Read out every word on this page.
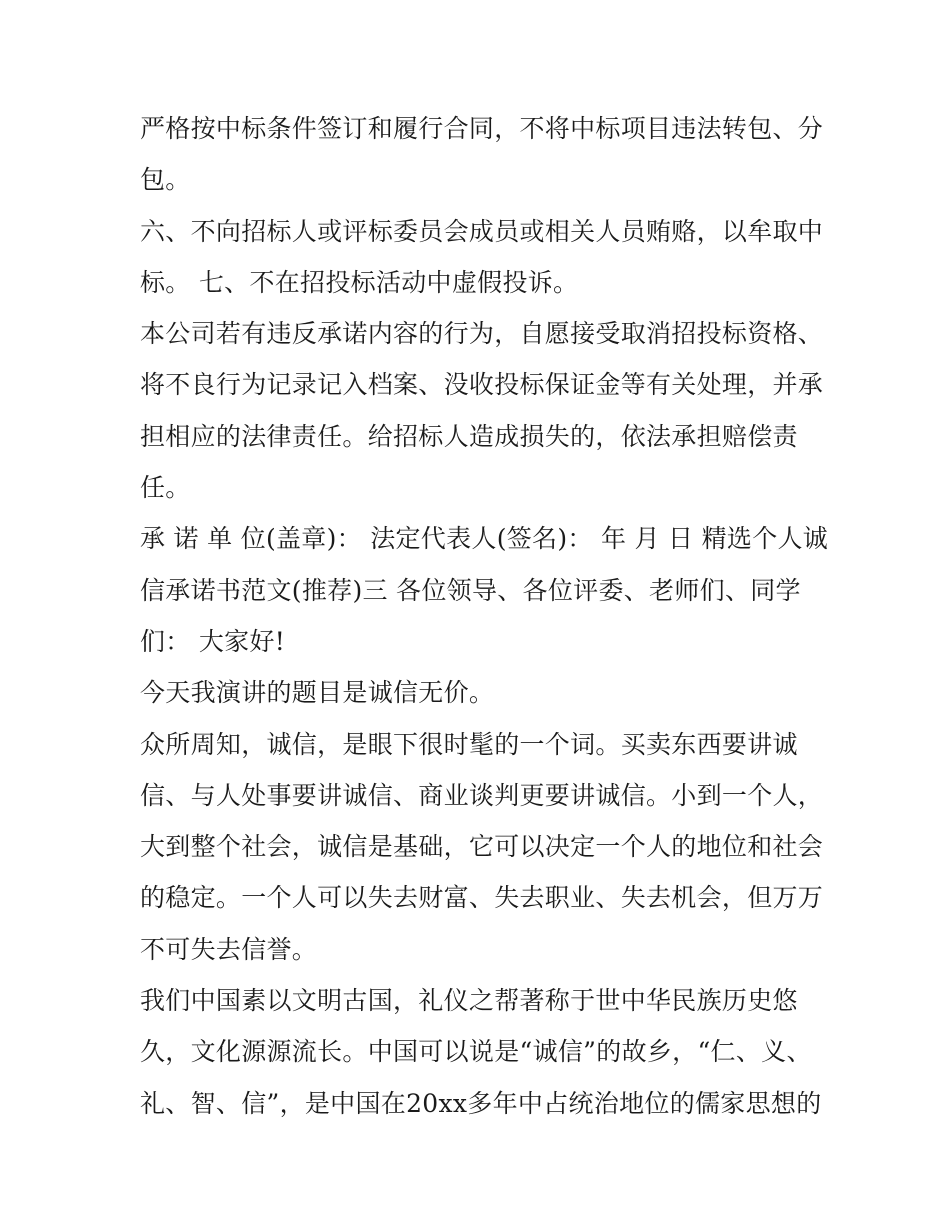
严格按中标条件签订和履行合同，不将中标项目违法转包、分
包。
六、不向招标人或评标委员会成员或相关人员贿赂，以牟取中
标。 七、不在招投标活动中虚假投诉。
本公司若有违反承诺内容的行为，自愿接受取消招投标资格、
将不良行为记录记入档案、没收投标保证金等有关处理，并承
担相应的法律责任。给招标人造成损失的，依法承担赔偿责
任。
承 诺 单 位(盖章)： 法定代表人(签名)： 年 月 日 精选个人诚
信承诺书范文(推荐)三 各位领导、各位评委、老师们、同学
们： 大家好!
今天我演讲的题目是诚信无价。
众所周知，诚信，是眼下很时髦的一个词。买卖东西要讲诚
信、与人处事要讲诚信、商业谈判更要讲诚信。小到一个人，
大到整个社会，诚信是基础，它可以决定一个人的地位和社会
的稳定。一个人可以失去财富、失去职业、失去机会，但万万
不可失去信誉。
我们中国素以文明古国，礼仪之帮著称于世中华民族历史悠
久，文化源源流长。中国可以说是“诚信”的故乡，“仁、义、
礼、智、信”，是中国在20xx多年中占统治地位的儒家思想的
